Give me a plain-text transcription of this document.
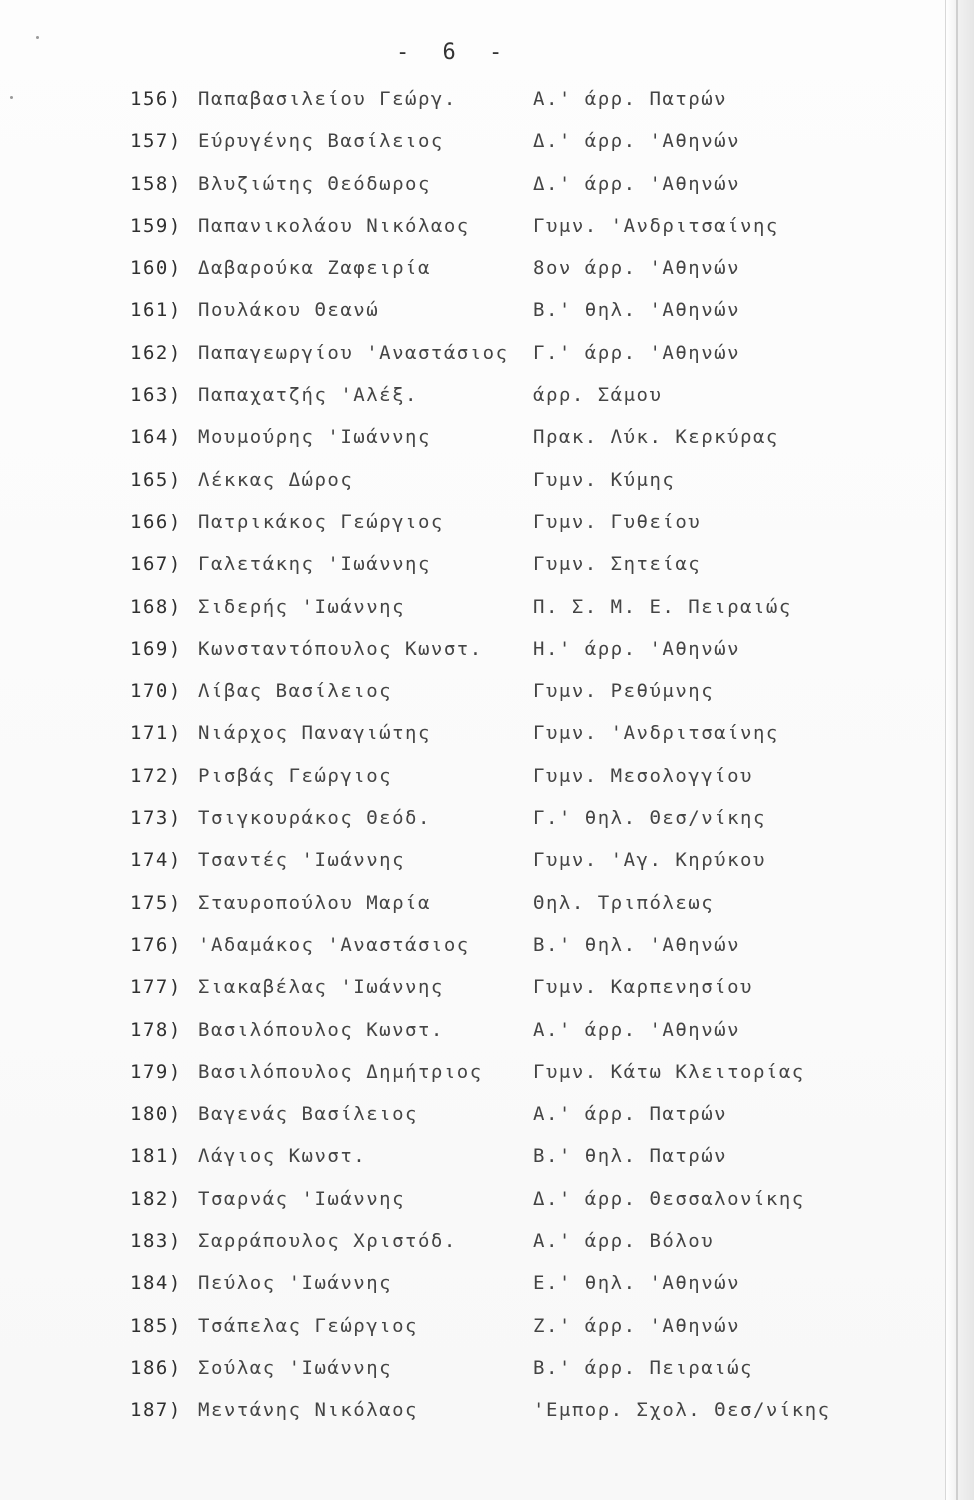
- 6 -
156) Παπαβασιλείου Γεώργ.	Α.' άρρ. Πατρών
157) Εύρυγένης Βασίλειος	Δ.' άρρ. 'Αθηνών
158) Βλυζιώτης Θεόδωρος	Δ.' άρρ. 'Αθηνών
159) Παπανικολάου Νικόλαος	Γυμν. 'Ανδριτσαίνης
160) Δαβαρούκα Ζαφειρία	8ον άρρ. 'Αθηνών
161) Πουλάκου Θεανώ	Β.' θηλ. 'Αθηνών
162) Παπαγεωργίου 'Αναστάσιος	Γ.' άρρ. 'Αθηνών
163) Παπαχατζής 'Αλέξ.	άρρ. Σάμου
164) Μουμούρης 'Ιωάννης	Πρακ. Λύκ. Κερκύρας
165) Λέκκας Δώρος	Γυμν. Κύμης
166) Πατρικάκος Γεώργιος	Γυμν. Γυθείου
167) Γαλετάκης 'Ιωάννης	Γυμν. Σητείας
168) Σιδερής 'Ιωάννης	Π. Σ. Μ. Ε. Πειραιώς
169) Κωνσταντόπουλος Κωνστ.	Η.' άρρ. 'Αθηνών
170) Λίβας Βασίλειος	Γυμν. Ρεθύμνης
171) Νιάρχος Παναγιώτης	Γυμν. 'Ανδριτσαίνης
172) Ρισβάς Γεώργιος	Γυμν. Μεσολογγίου
173) Τσιγκουράκος Θεόδ.	Γ.' θηλ. Θεσ/νίκης
174) Τσαντές 'Ιωάννης	Γυμν. 'Αγ. Κηρύκου
175) Σταυροπούλου Μαρία	Θηλ. Τριπόλεως
176) 'Αδαμάκος 'Αναστάσιος	Β.' θηλ. 'Αθηνών
177) Σιακαβέλας 'Ιωάννης	Γυμν. Καρπενησίου
178) Βασιλόπουλος Κωνστ.	Α.' άρρ. 'Αθηνών
179) Βασιλόπουλος Δημήτριος	Γυμν. Κάτω Κλειτορίας
180) Βαγενάς Βασίλειος	Α.' άρρ. Πατρών
181) Λάγιος Κωνστ.	Β.' θηλ. Πατρών
182) Τσαρνάς 'Ιωάννης	Δ.' άρρ. Θεσσαλονίκης
183) Σαρράπουλος Χριστόδ.	Α.' άρρ. Βόλου
184) Πεύλος 'Ιωάννης	Ε.' θηλ. 'Αθηνών
185) Τσάπελας Γεώργιος	Ζ.' άρρ. 'Αθηνών
186) Σούλας 'Ιωάννης	Β.' άρρ. Πειραιώς
187) Μεντάνης Νικόλαος	'Εμπορ. Σχολ. Θεσ/νίκης
